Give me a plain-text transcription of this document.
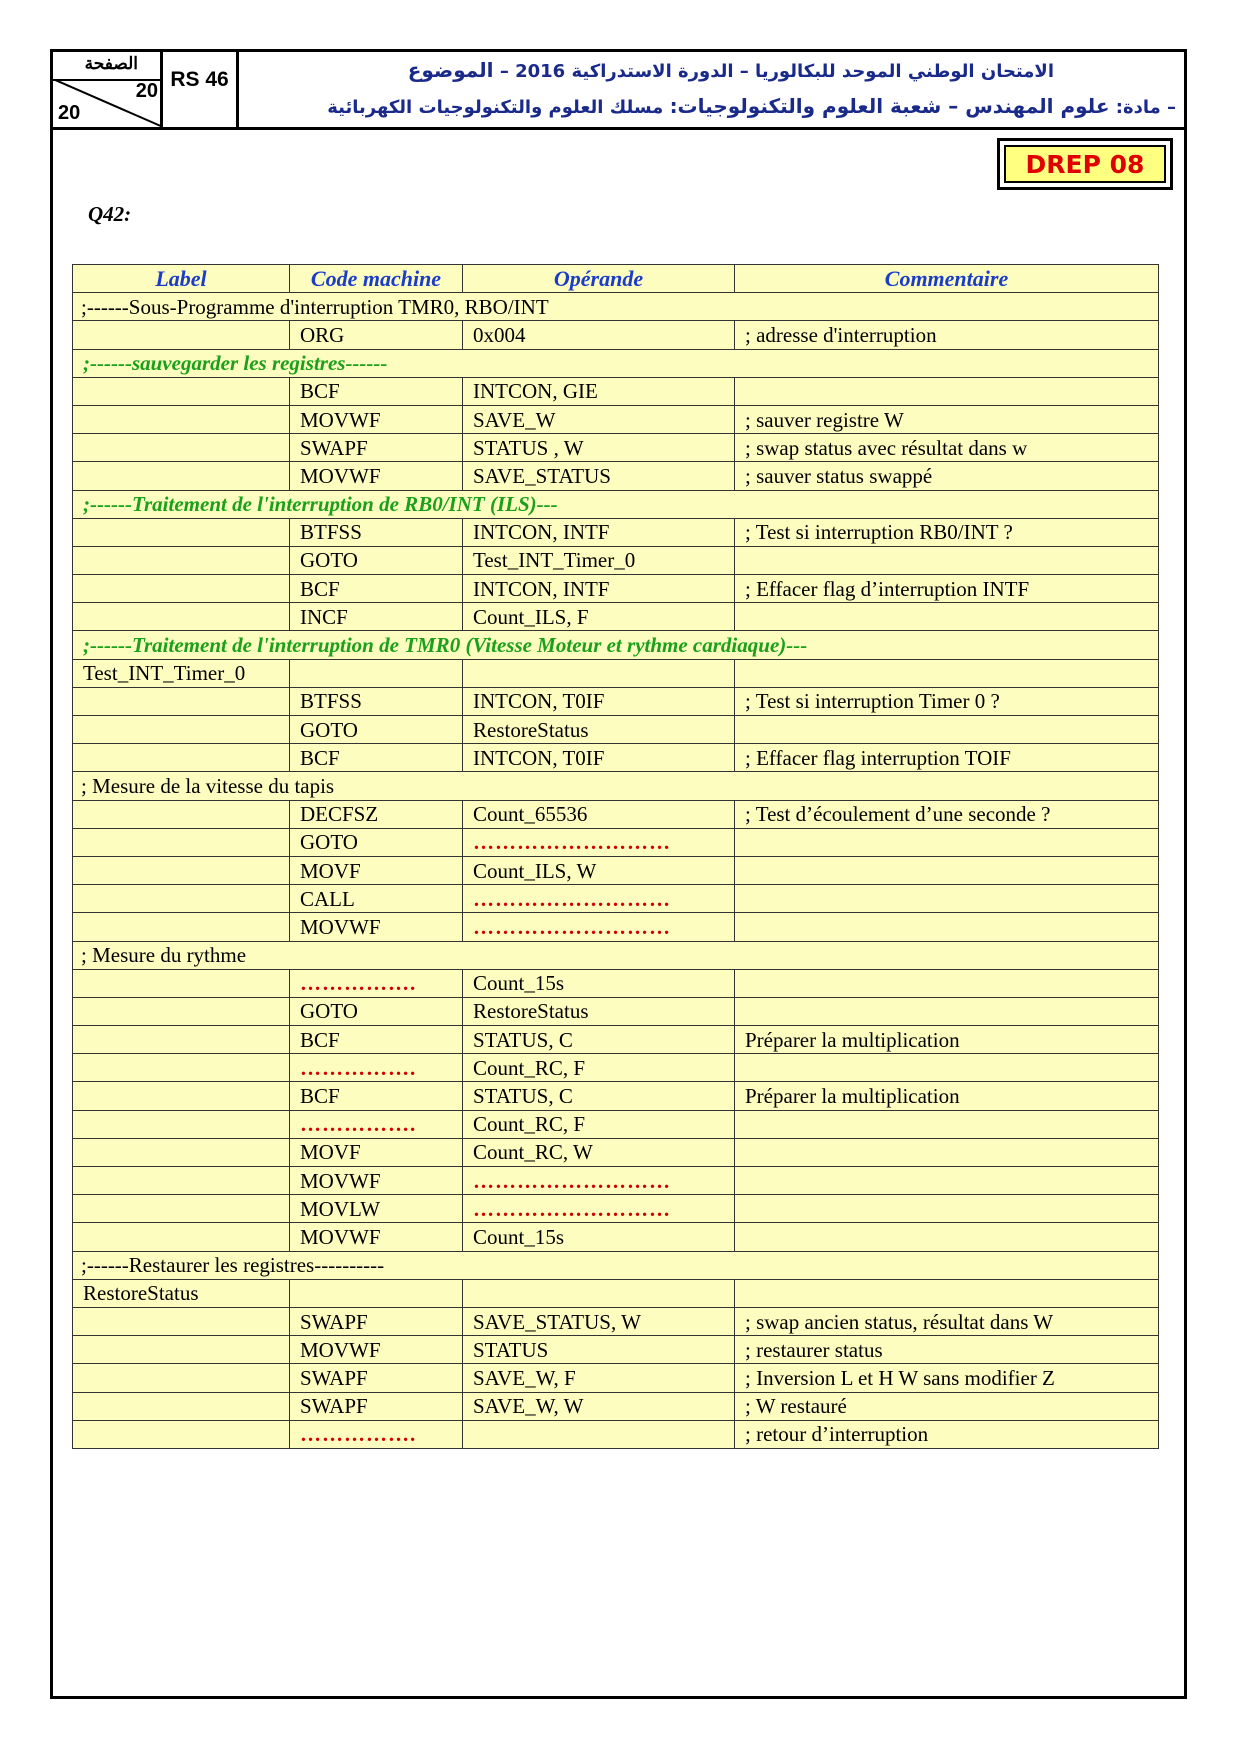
الصفحة
20
20
RS 46	الامتحان الوطني الموحد للبكالوريا – الدورة الاستدراكية 2016 – الموضوع
– مادة: علوم المهندس – شعبة العلوم والتكنولوجيات: مسلك العلوم والتكنولوجيات الكهربائية
DREP 08
Q42:
Label	Code machine	Opérande	Commentaire
;------Sous-Programme d'interruption TMR0, RBO/INT			
	ORG	0x004	; adresse d'interruption
;------sauvegarder les registres------			
	BCF	INTCON, GIE	
	MOVWF	SAVE_W	; sauver registre W
	SWAPF	STATUS , W	; swap status avec résultat dans w
	MOVWF	SAVE_STATUS	; sauver status swappé
;------Traitement de l'interruption de RB0/INT (ILS)---			
	BTFSS	INTCON, INTF	; Test si interruption RB0/INT ?
	GOTO	Test_INT_Timer_0	
	BCF	INTCON, INTF	; Effacer flag d’interruption INTF
	INCF	Count_ILS, F	
;------Traitement de l'interruption de TMR0 (Vitesse Moteur et rythme cardiaque)---			
Test_INT_Timer_0			
	BTFSS	INTCON, T0IF	; Test si interruption Timer 0 ?
	GOTO	RestoreStatus	
	BCF	INTCON, T0IF	; Effacer flag interruption TOIF
; Mesure de la vitesse du tapis			
	DECFSZ	Count_65536	; Test d’écoulement d’une seconde ?
	GOTO	………………………	
	MOVF	Count_ILS, W	
	CALL	………………………	
	MOVWF	………………………	
; Mesure du rythme			
	…………….	Count_15s	
	GOTO	RestoreStatus	
	BCF	STATUS, C	Préparer la multiplication
	…………….	Count_RC, F	
	BCF	STATUS, C	Préparer la multiplication
	…………….	Count_RC, F	
	MOVF	Count_RC, W	
	MOVWF	………………………	
	MOVLW	………………………	
	MOVWF	Count_15s	
;------Restaurer les registres----------			
RestoreStatus			
	SWAPF	SAVE_STATUS, W	; swap ancien status, résultat dans W
	MOVWF	STATUS	; restaurer status
	SWAPF	SAVE_W, F	; Inversion L et H W sans modifier Z
	SWAPF	SAVE_W, W	; W restauré
	…………….		; retour d’interruption
